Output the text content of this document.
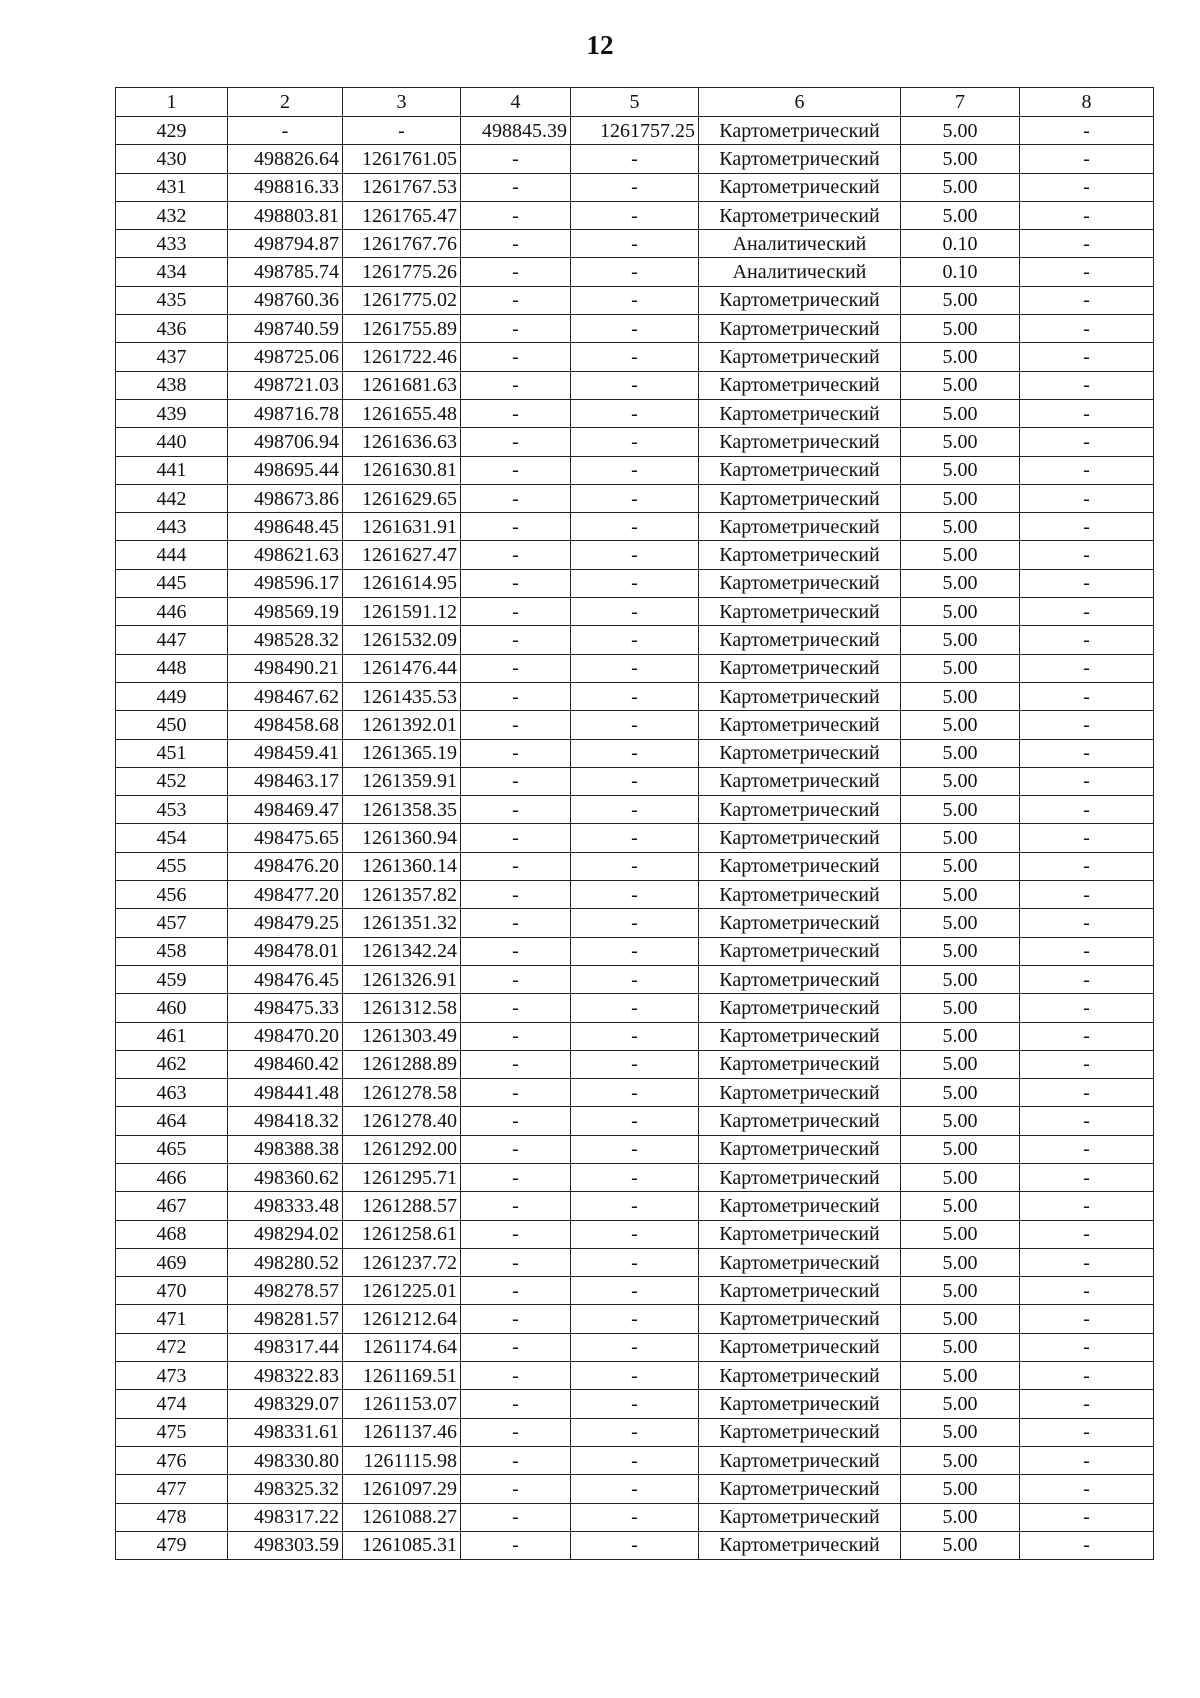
12
1	2	3	4	5	6	7	8
429	-	-	498845.39	1261757.25	Картометрический	5.00	-
430	498826.64	1261761.05	-	-	Картометрический	5.00	-
431	498816.33	1261767.53	-	-	Картометрический	5.00	-
432	498803.81	1261765.47	-	-	Картометрический	5.00	-
433	498794.87	1261767.76	-	-	Аналитический	0.10	-
434	498785.74	1261775.26	-	-	Аналитический	0.10	-
435	498760.36	1261775.02	-	-	Картометрический	5.00	-
436	498740.59	1261755.89	-	-	Картометрический	5.00	-
437	498725.06	1261722.46	-	-	Картометрический	5.00	-
438	498721.03	1261681.63	-	-	Картометрический	5.00	-
439	498716.78	1261655.48	-	-	Картометрический	5.00	-
440	498706.94	1261636.63	-	-	Картометрический	5.00	-
441	498695.44	1261630.81	-	-	Картометрический	5.00	-
442	498673.86	1261629.65	-	-	Картометрический	5.00	-
443	498648.45	1261631.91	-	-	Картометрический	5.00	-
444	498621.63	1261627.47	-	-	Картометрический	5.00	-
445	498596.17	1261614.95	-	-	Картометрический	5.00	-
446	498569.19	1261591.12	-	-	Картометрический	5.00	-
447	498528.32	1261532.09	-	-	Картометрический	5.00	-
448	498490.21	1261476.44	-	-	Картометрический	5.00	-
449	498467.62	1261435.53	-	-	Картометрический	5.00	-
450	498458.68	1261392.01	-	-	Картометрический	5.00	-
451	498459.41	1261365.19	-	-	Картометрический	5.00	-
452	498463.17	1261359.91	-	-	Картометрический	5.00	-
453	498469.47	1261358.35	-	-	Картометрический	5.00	-
454	498475.65	1261360.94	-	-	Картометрический	5.00	-
455	498476.20	1261360.14	-	-	Картометрический	5.00	-
456	498477.20	1261357.82	-	-	Картометрический	5.00	-
457	498479.25	1261351.32	-	-	Картометрический	5.00	-
458	498478.01	1261342.24	-	-	Картометрический	5.00	-
459	498476.45	1261326.91	-	-	Картометрический	5.00	-
460	498475.33	1261312.58	-	-	Картометрический	5.00	-
461	498470.20	1261303.49	-	-	Картометрический	5.00	-
462	498460.42	1261288.89	-	-	Картометрический	5.00	-
463	498441.48	1261278.58	-	-	Картометрический	5.00	-
464	498418.32	1261278.40	-	-	Картометрический	5.00	-
465	498388.38	1261292.00	-	-	Картометрический	5.00	-
466	498360.62	1261295.71	-	-	Картометрический	5.00	-
467	498333.48	1261288.57	-	-	Картометрический	5.00	-
468	498294.02	1261258.61	-	-	Картометрический	5.00	-
469	498280.52	1261237.72	-	-	Картометрический	5.00	-
470	498278.57	1261225.01	-	-	Картометрический	5.00	-
471	498281.57	1261212.64	-	-	Картометрический	5.00	-
472	498317.44	1261174.64	-	-	Картометрический	5.00	-
473	498322.83	1261169.51	-	-	Картометрический	5.00	-
474	498329.07	1261153.07	-	-	Картометрический	5.00	-
475	498331.61	1261137.46	-	-	Картометрический	5.00	-
476	498330.80	1261115.98	-	-	Картометрический	5.00	-
477	498325.32	1261097.29	-	-	Картометрический	5.00	-
478	498317.22	1261088.27	-	-	Картометрический	5.00	-
479	498303.59	1261085.31	-	-	Картометрический	5.00	-
